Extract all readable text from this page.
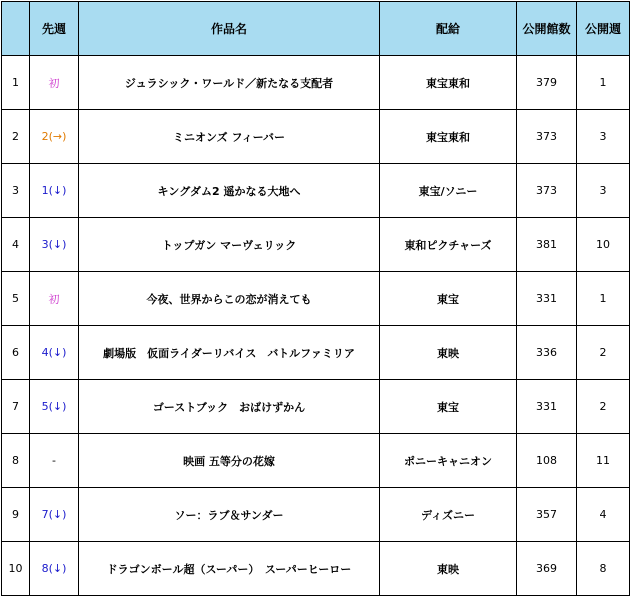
	先週	作品名	配給	公開館数	公開週
1	初	ジュラシック・ワールド／新たなる支配者	東宝東和	379	1
2	2(→)	ミニオンズ フィーバー	東宝東和	373	3
3	1(↓)	キングダム2 遥かなる大地へ	東宝/ソニー	373	3
4	3(↓)	トップガン マーヴェリック	東和ピクチャーズ	381	10
5	初	今夜、世界からこの恋が消えても	東宝	331	1
6	4(↓)	劇場版　仮面ライダーリバイス　バトルファミリア	東映	336	2
7	5(↓)	ゴーストブック　おばけずかん	東宝	331	2
8	-	映画 五等分の花嫁	ポニーキャニオン	108	11
9	7(↓)	ソー：ラブ＆サンダー	ディズニー	357	4
10	8(↓)	ドラゴンボール超（スーパー）　スーパーヒーロー	東映	369	8
